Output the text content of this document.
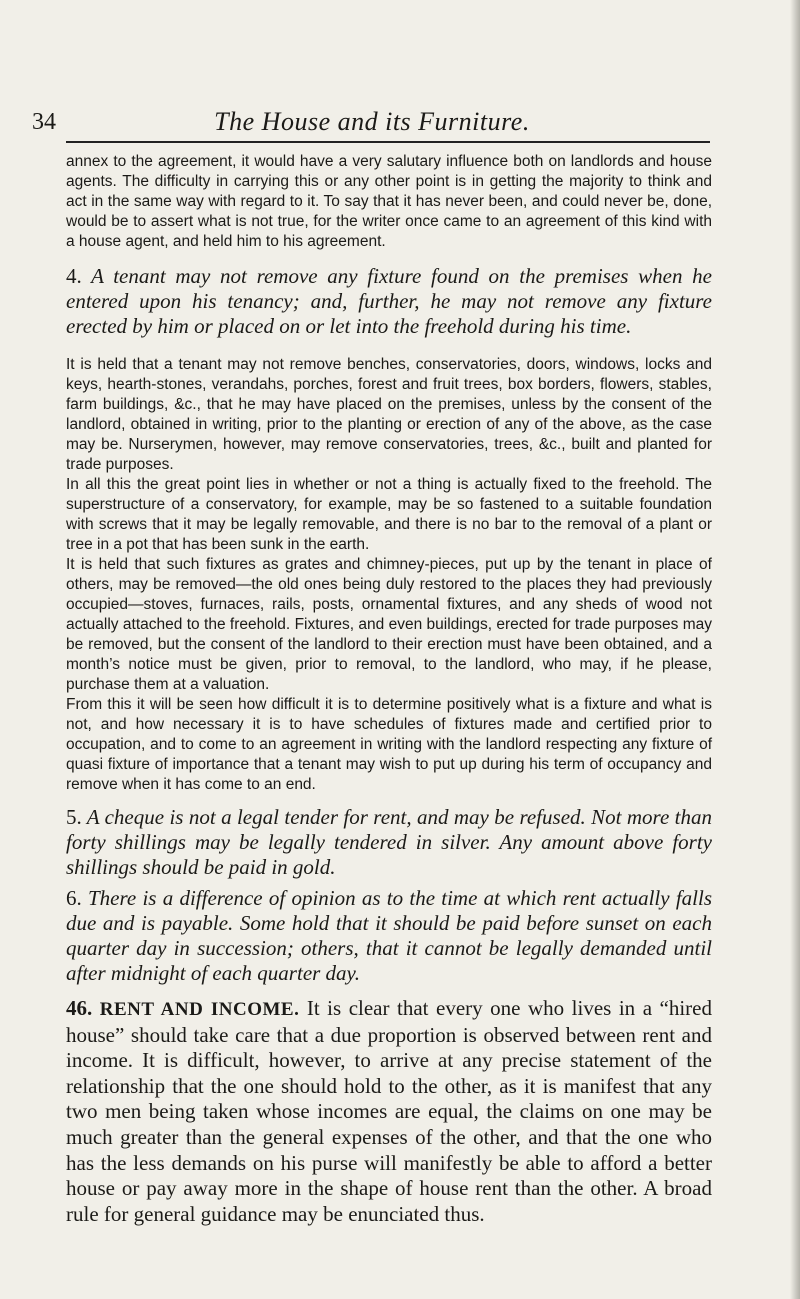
34	The House and its Furniture.

annex to the agreement, it would have a very salutary influence both on landlords and house agents. The difficulty in carrying this or any other point is in getting the majority to think and act in the same way with regard to it. To say that it has never been, and could never be, done, would be to assert what is not true, for the writer once came to an agreement of this kind with a house agent, and held him to his agreement.

4. A tenant may not remove any fixture found on the premises when he entered upon his tenancy; and, further, he may not remove any fixture erected by him or placed on or let into the freehold during his time.

It is held that a tenant may not remove benches, conservatories, doors, windows, locks and keys, hearth-stones, verandahs, porches, forest and fruit trees, box borders, flowers, stables, farm buildings, &c., that he may have placed on the premises, unless by the consent of the landlord, obtained in writing, prior to the planting or erection of any of the above, as the case may be. Nurserymen, however, may remove conservatories, trees, &c., built and planted for trade purposes.

In all this the great point lies in whether or not a thing is actually fixed to the freehold. The superstructure of a conservatory, for example, may be so fastened to a suitable foundation with screws that it may be legally removable, and there is no bar to the removal of a plant or tree in a pot that has been sunk in the earth.

It is held that such fixtures as grates and chimney-pieces, put up by the tenant in place of others, may be removed—the old ones being duly restored to the places they had previously occupied—stoves, furnaces, rails, posts, ornamental fixtures, and any sheds of wood not actually attached to the freehold. Fixtures, and even buildings, erected for trade purposes may be removed, but the consent of the landlord to their erection must have been obtained, and a month’s notice must be given, prior to removal, to the landlord, who may, if he please, purchase them at a valuation.

From this it will be seen how difficult it is to determine positively what is a fixture and what is not, and how necessary it is to have schedules of fixtures made and certified prior to occupation, and to come to an agreement in writing with the landlord respecting any fixture of quasi fixture of importance that a tenant may wish to put up during his term of occupancy and remove when it has come to an end.

5. A cheque is not a legal tender for rent, and may be refused. Not more than forty shillings may be legally tendered in silver. Any amount above forty shillings should be paid in gold.

6. There is a difference of opinion as to the time at which rent actually falls due and is payable. Some hold that it should be paid before sunset on each quarter day in succession; others, that it cannot be legally demanded until after midnight of each quarter day.

46. RENT AND INCOME. It is clear that every one who lives in a “hired house” should take care that a due proportion is observed between rent and income. It is difficult, however, to arrive at any precise statement of the relationship that the one should hold to the other, as it is manifest that any two men being taken whose incomes are equal, the claims on one may be much greater than the general expenses of the other, and that the one who has the less demands on his purse will manifestly be able to afford a better house or pay away more in the shape of house rent than the other. A broad rule for general guidance may be enunciated thus.
